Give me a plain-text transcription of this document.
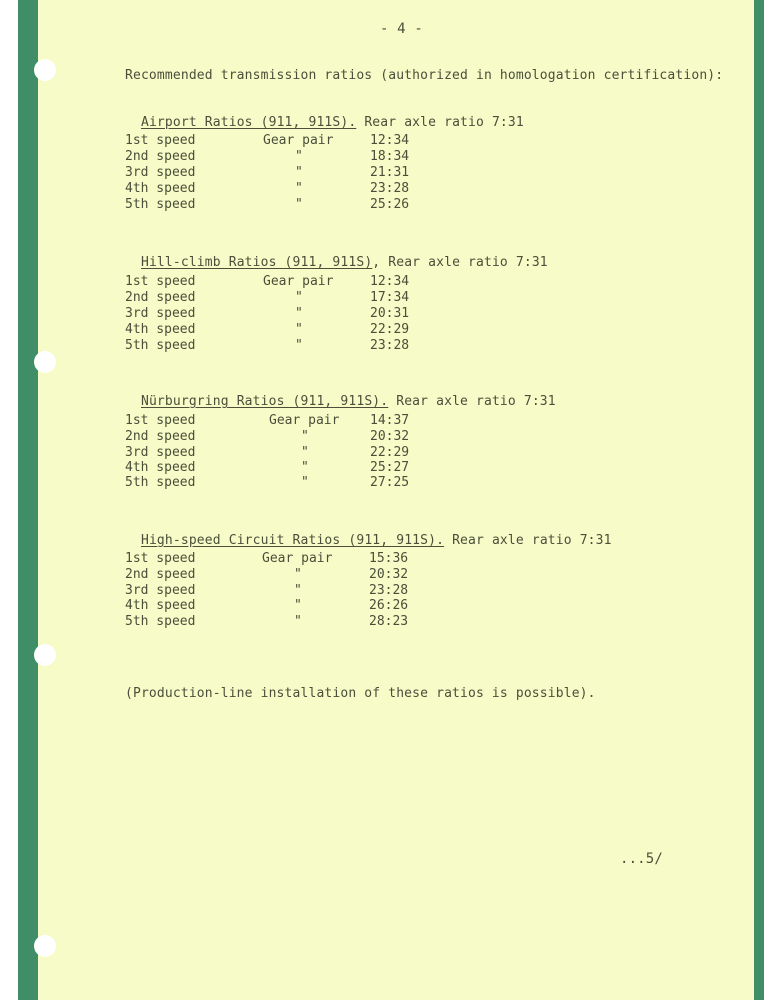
- 4 -
Recommended transmission ratios (authorized in homologation certification):

Airport Ratios (911, 911S). Rear axle ratio 7:31

1st speed	Gear pair	12:34
2nd speed	"	18:34
3rd speed	"	21:31
4th speed	"	23:28
5th speed	"	25:26

Hill-climb Ratios (911, 911S), Rear axle ratio 7:31

1st speed	Gear pair	12:34
2nd speed	"	17:34
3rd speed	"	20:31
4th speed	"	22:29
5th speed	"	23:28

Nürburgring Ratios (911, 911S). Rear axle ratio 7:31

1st speed	Gear pair 14:37
2nd speed	"	20:32
3rd speed	"	22:29
4th speed	"	25:27
5th speed	"	27:25

High-speed Circuit Ratios (911, 911S). Rear axle ratio 7:31

1st speed	Gear pair	15:36
2nd speed	"	20:32
3rd speed	"	23:28
4th speed	"	26:26
5th speed	"	28:23
(Production-line installation of these ratios is possible).
...5/
